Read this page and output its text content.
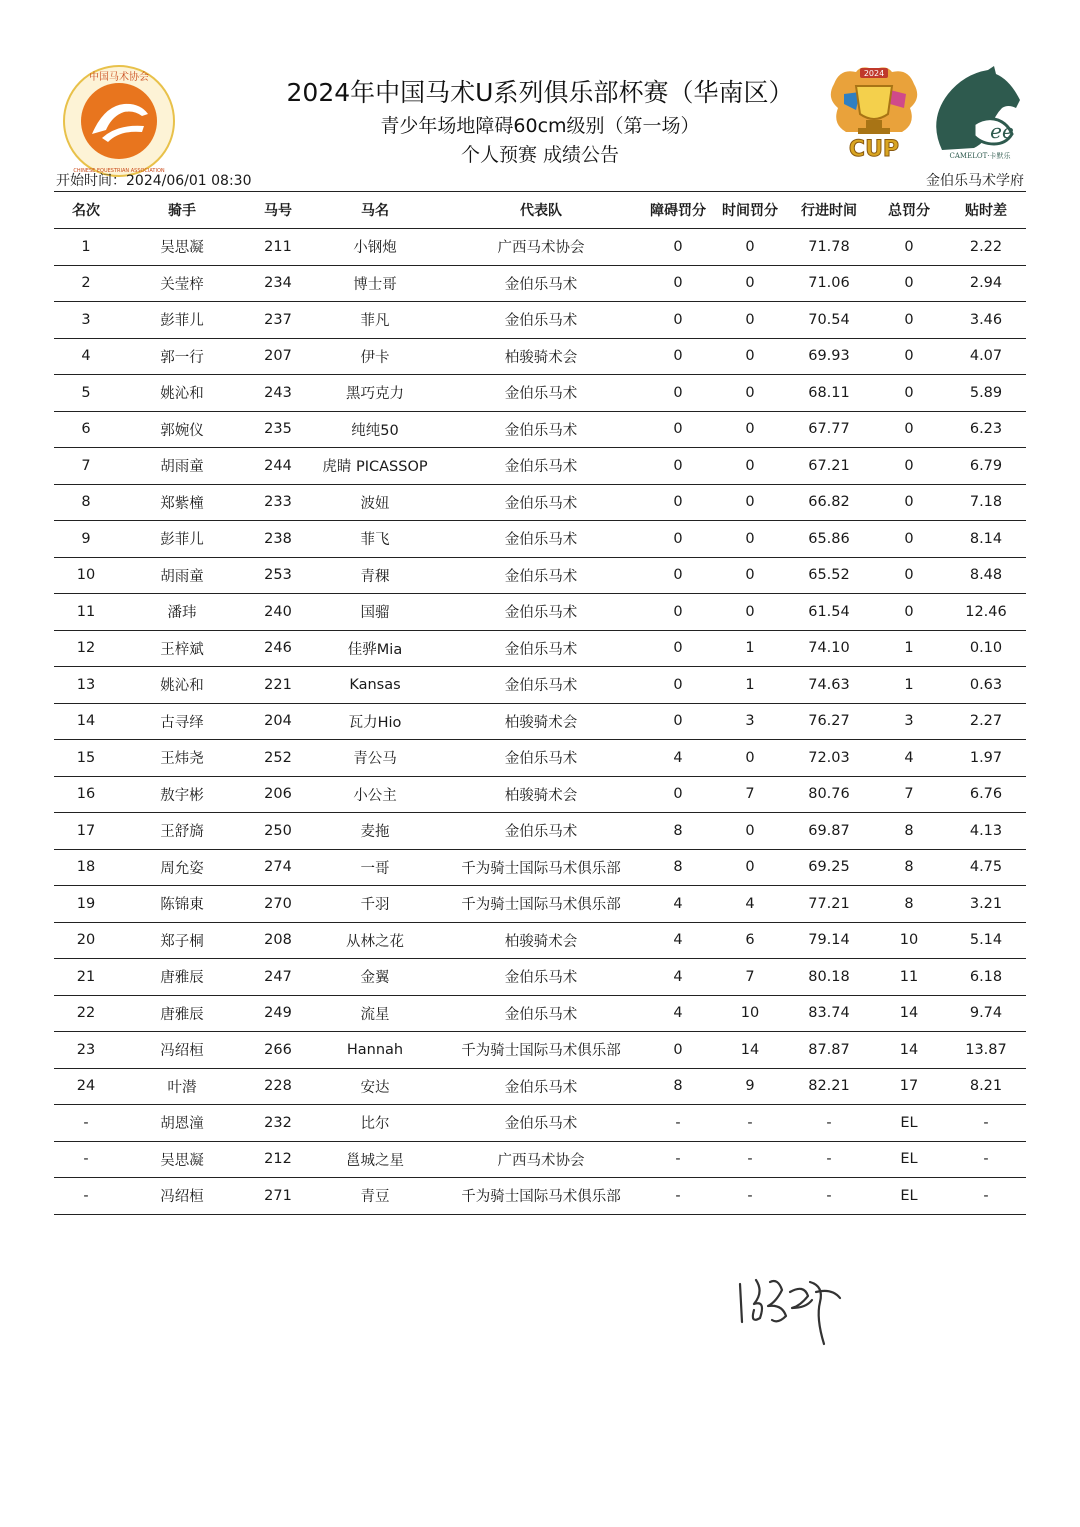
中国马术协会
CHINESE EQUESTRIAN ASSOCIATION
2024年中国马术U系列俱乐部杯赛（华南区）
青少年场地障碍60cm级别（第一场）
个人预赛 成绩公告
2024
CUP
ee
CAMELOT·卡默乐
开始时间：2024/06/01 08:30	金伯乐马术学府
名次	骑手	马号	马名	代表队	障碍罚分	时间罚分	行进时间	总罚分	贴时差
1	吴思凝	211	小钢炮	广西马术协会	0	0	71.78	0	2.22
2	关莹梓	234	博士哥	金伯乐马术	0	0	71.06	0	2.94
3	彭菲儿	237	菲凡	金伯乐马术	0	0	70.54	0	3.46
4	郭一行	207	伊卡	柏骏骑术会	0	0	69.93	0	4.07
5	姚沁和	243	黑巧克力	金伯乐马术	0	0	68.11	0	5.89
6	郭婉仪	235	纯纯50	金伯乐马术	0	0	67.77	0	6.23
7	胡雨童	244	虎睛 PICASSOP	金伯乐马术	0	0	67.21	0	6.79
8	郑紫橦	233	波妞	金伯乐马术	0	0	66.82	0	7.18
9	彭菲儿	238	菲飞	金伯乐马术	0	0	65.86	0	8.14
10	胡雨童	253	青稞	金伯乐马术	0	0	65.52	0	8.48
11	潘玮	240	国骝	金伯乐马术	0	0	61.54	0	12.46
12	王梓斌	246	佳骅Mia	金伯乐马术	0	1	74.10	1	0.10
13	姚沁和	221	Kansas	金伯乐马术	0	1	74.63	1	0.63
14	古寻绎	204	瓦力Hio	柏骏骑术会	0	3	76.27	3	2.27
15	王炜尧	252	青公马	金伯乐马术	4	0	72.03	4	1.97
16	敖宇彬	206	小公主	柏骏骑术会	0	7	80.76	7	6.76
17	王舒旖	250	麦拖	金伯乐马术	8	0	69.87	8	4.13
18	周允姿	274	一哥	千为骑士国际马术俱乐部	8	0	69.25	8	4.75
19	陈锦東	270	千羽	千为骑士国际马术俱乐部	4	4	77.21	8	3.21
20	郑子桐	208	从林之花	柏骏骑术会	4	6	79.14	10	5.14
21	唐雅辰	247	金翼	金伯乐马术	4	7	80.18	11	6.18
22	唐雅辰	249	流星	金伯乐马术	4	10	83.74	14	9.74
23	冯绍桓	266	Hannah	千为骑士国际马术俱乐部	0	14	87.87	14	13.87
24	叶潜	228	安达	金伯乐马术	8	9	82.21	17	8.21
-	胡恩潼	232	比尔	金伯乐马术	-	-	-	EL	-
-	吴思凝	212	邕城之星	广西马术协会	-	-	-	EL	-
-	冯绍桓	271	青豆	千为骑士国际马术俱乐部	-	-	-	EL	-
